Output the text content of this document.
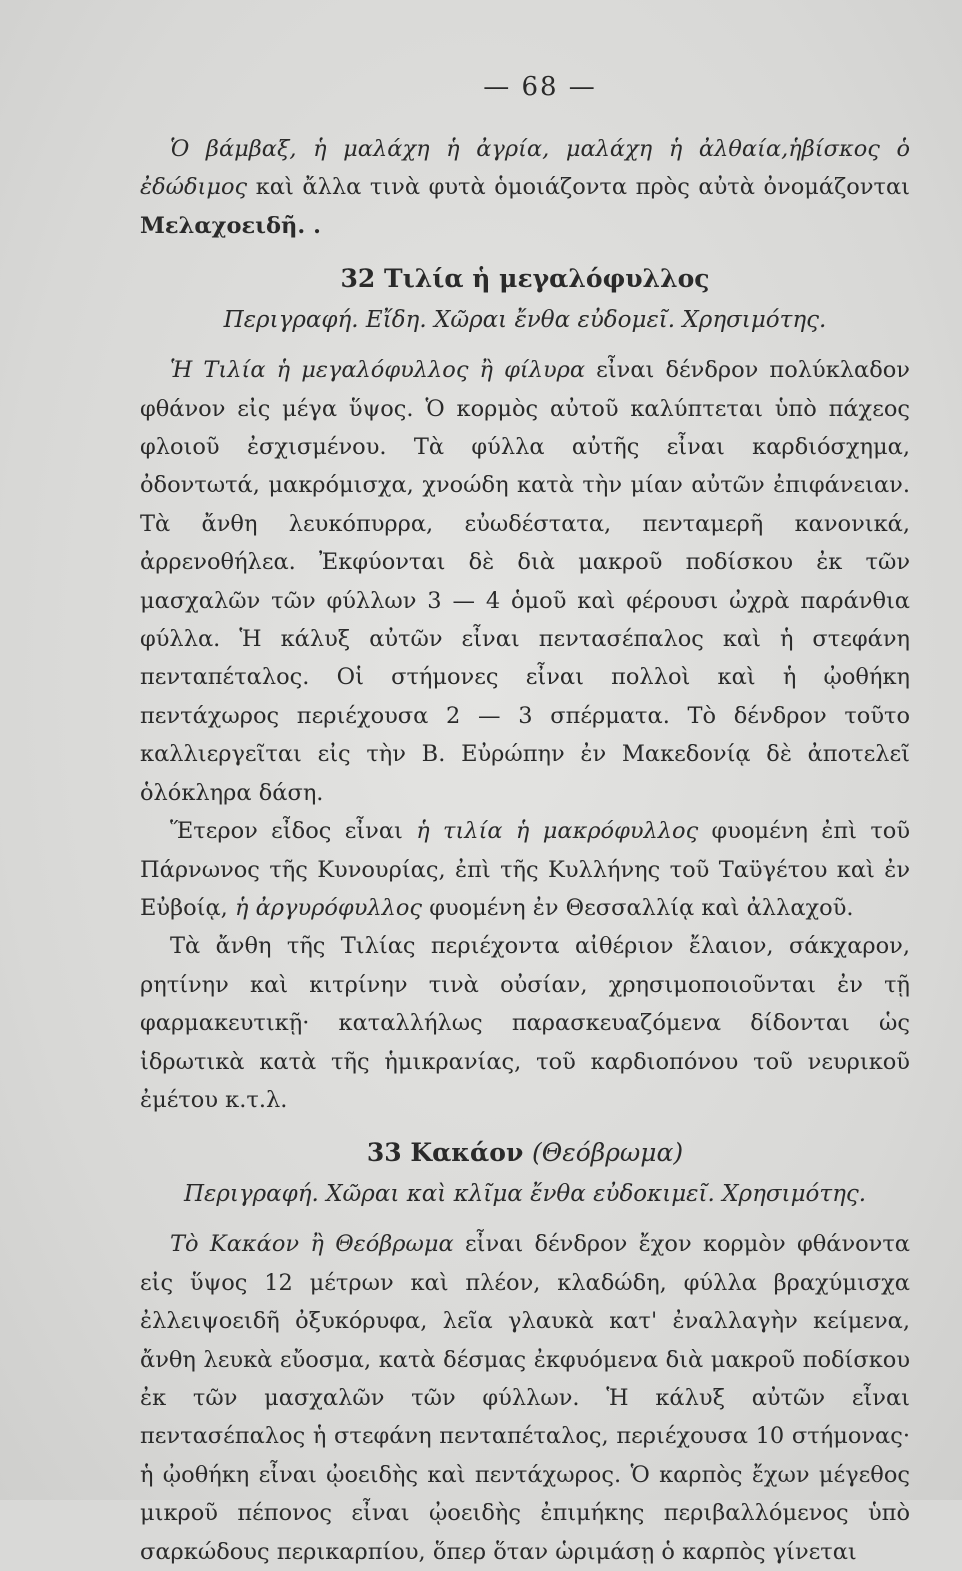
— 68 —

Ὁ βάμβαξ, ἡ μαλάχη ἡ ἀγρία, μαλάχη ἡ ἀλθαία,ἡβίσκος ὁ ἐδώδιμος καὶ ἄλλα τινὰ φυτὰ ὁμοιάζοντα πρὸς αὐτὰ ὀνομάζονται Μελαχοειδῆ. .

32 Τιλία ἡ μεγαλόφυλλος
Περιγραφή. Εἴδη. Χῶραι ἔνθα εὐδομεῖ. Χρησιμότης.

Ἡ Τιλία ἡ μεγαλόφυλλος ἢ φίλυρα εἶναι δένδρον πολύκλαδον φθάνον εἰς μέγα ὕψος. Ὁ κορμὸς αὐτοῦ καλύπτεται ὑπὸ πάχεος φλοιοῦ ἐσχισμένου. Τὰ φύλλα αὐτῆς εἶναι καρδιόσχημα, ὀδοντωτά, μακρόμισχα, χνοώδη κατὰ τὴν μίαν αὐτῶν ἐπιφάνειαν. Τὰ ἄνθη λευκόπυρρα, εὐωδέστατα, πενταμερῆ κανονικά, ἀρρενοθήλεα. Ἐκφύονται δὲ διὰ μακροῦ ποδίσκου ἐκ τῶν μασχαλῶν τῶν φύλλων 3 — 4 ὁμοῦ καὶ φέρουσι ὠχρὰ παράνθια φύλλα. Ἡ κάλυξ αὐτῶν εἶναι πεντασέπαλος καὶ ἡ στεφάνη πενταπέταλος. Οἱ στήμονες εἶναι πολλοὶ καὶ ἡ ᾠοθήκη πεντάχωρος περιέχουσα 2 — 3 σπέρματα. Τὸ δένδρον τοῦτο καλλιεργεῖται εἰς τὴν Β. Εὐρώπην ἐν Μακεδονίᾳ δὲ ἀποτελεῖ ὁλόκληρα δάση.

Ἕτερον εἶδος εἶναι ἡ τιλία ἡ μακρόφυλλος φυομένη ἐπὶ τοῦ Πάρνωνος τῆς Κυνουρίας, ἐπὶ τῆς Κυλλήνης τοῦ Ταϋγέτου καὶ ἐν Εὐβοίᾳ, ἡ ἀργυρόφυλλος φυομένη ἐν Θεσσαλλίᾳ καὶ ἀλλαχοῦ.

Τὰ ἄνθη τῆς Τιλίας περιέχοντα αἰθέριον ἔλαιον, σάκχαρον, ρητίνην καὶ κιτρίνην τινὰ οὐσίαν, χρησιμοποιοῦνται ἐν τῇ φαρμακευτικῇ· καταλλήλως παρασκευαζόμενα δίδονται ὡς ἱδρωτικὰ κατὰ τῆς ἡμικρανίας, τοῦ καρδιοπόνου τοῦ νευρικοῦ ἐμέτου κ.τ.λ.

33 Κακάον (Θεόβρωμα)
Περιγραφή. Χῶραι καὶ κλῖμα ἔνθα εὐδοκιμεῖ. Χρησιμότης.

Τὸ Κακάον ἢ Θεόβρωμα εἶναι δένδρον ἔχον κορμὸν φθάνοντα εἰς ὕψος 12 μέτρων καὶ πλέον, κλαδώδη, φύλλα βραχύμισχα ἐλλειψοειδῆ ὀξυκόρυφα, λεῖα γλαυκὰ κατ' ἐναλλαγὴν κείμενα, ἄνθη λευκὰ εὔοσμα, κατὰ δέσμας ἐκφυόμενα διὰ μακροῦ ποδίσκου ἐκ τῶν μασχαλῶν τῶν φύλλων. Ἡ κάλυξ αὐτῶν εἶναι πεντασέπαλος ἡ στεφάνη πενταπέταλος, περιέχουσα 10 στήμονας· ἡ ᾠοθήκη εἶναι ᾠοειδὴς καὶ πεντάχωρος. Ὁ καρπὸς ἔχων μέγεθος μικροῦ πέπονος εἶναι ᾠοειδὴς ἐπιμήκης περιβαλλόμενος ὑπὸ σαρκώδους περικαρπίου, ὅπερ ὅταν ὡριμάσῃ ὁ καρπὸς γίνεται
